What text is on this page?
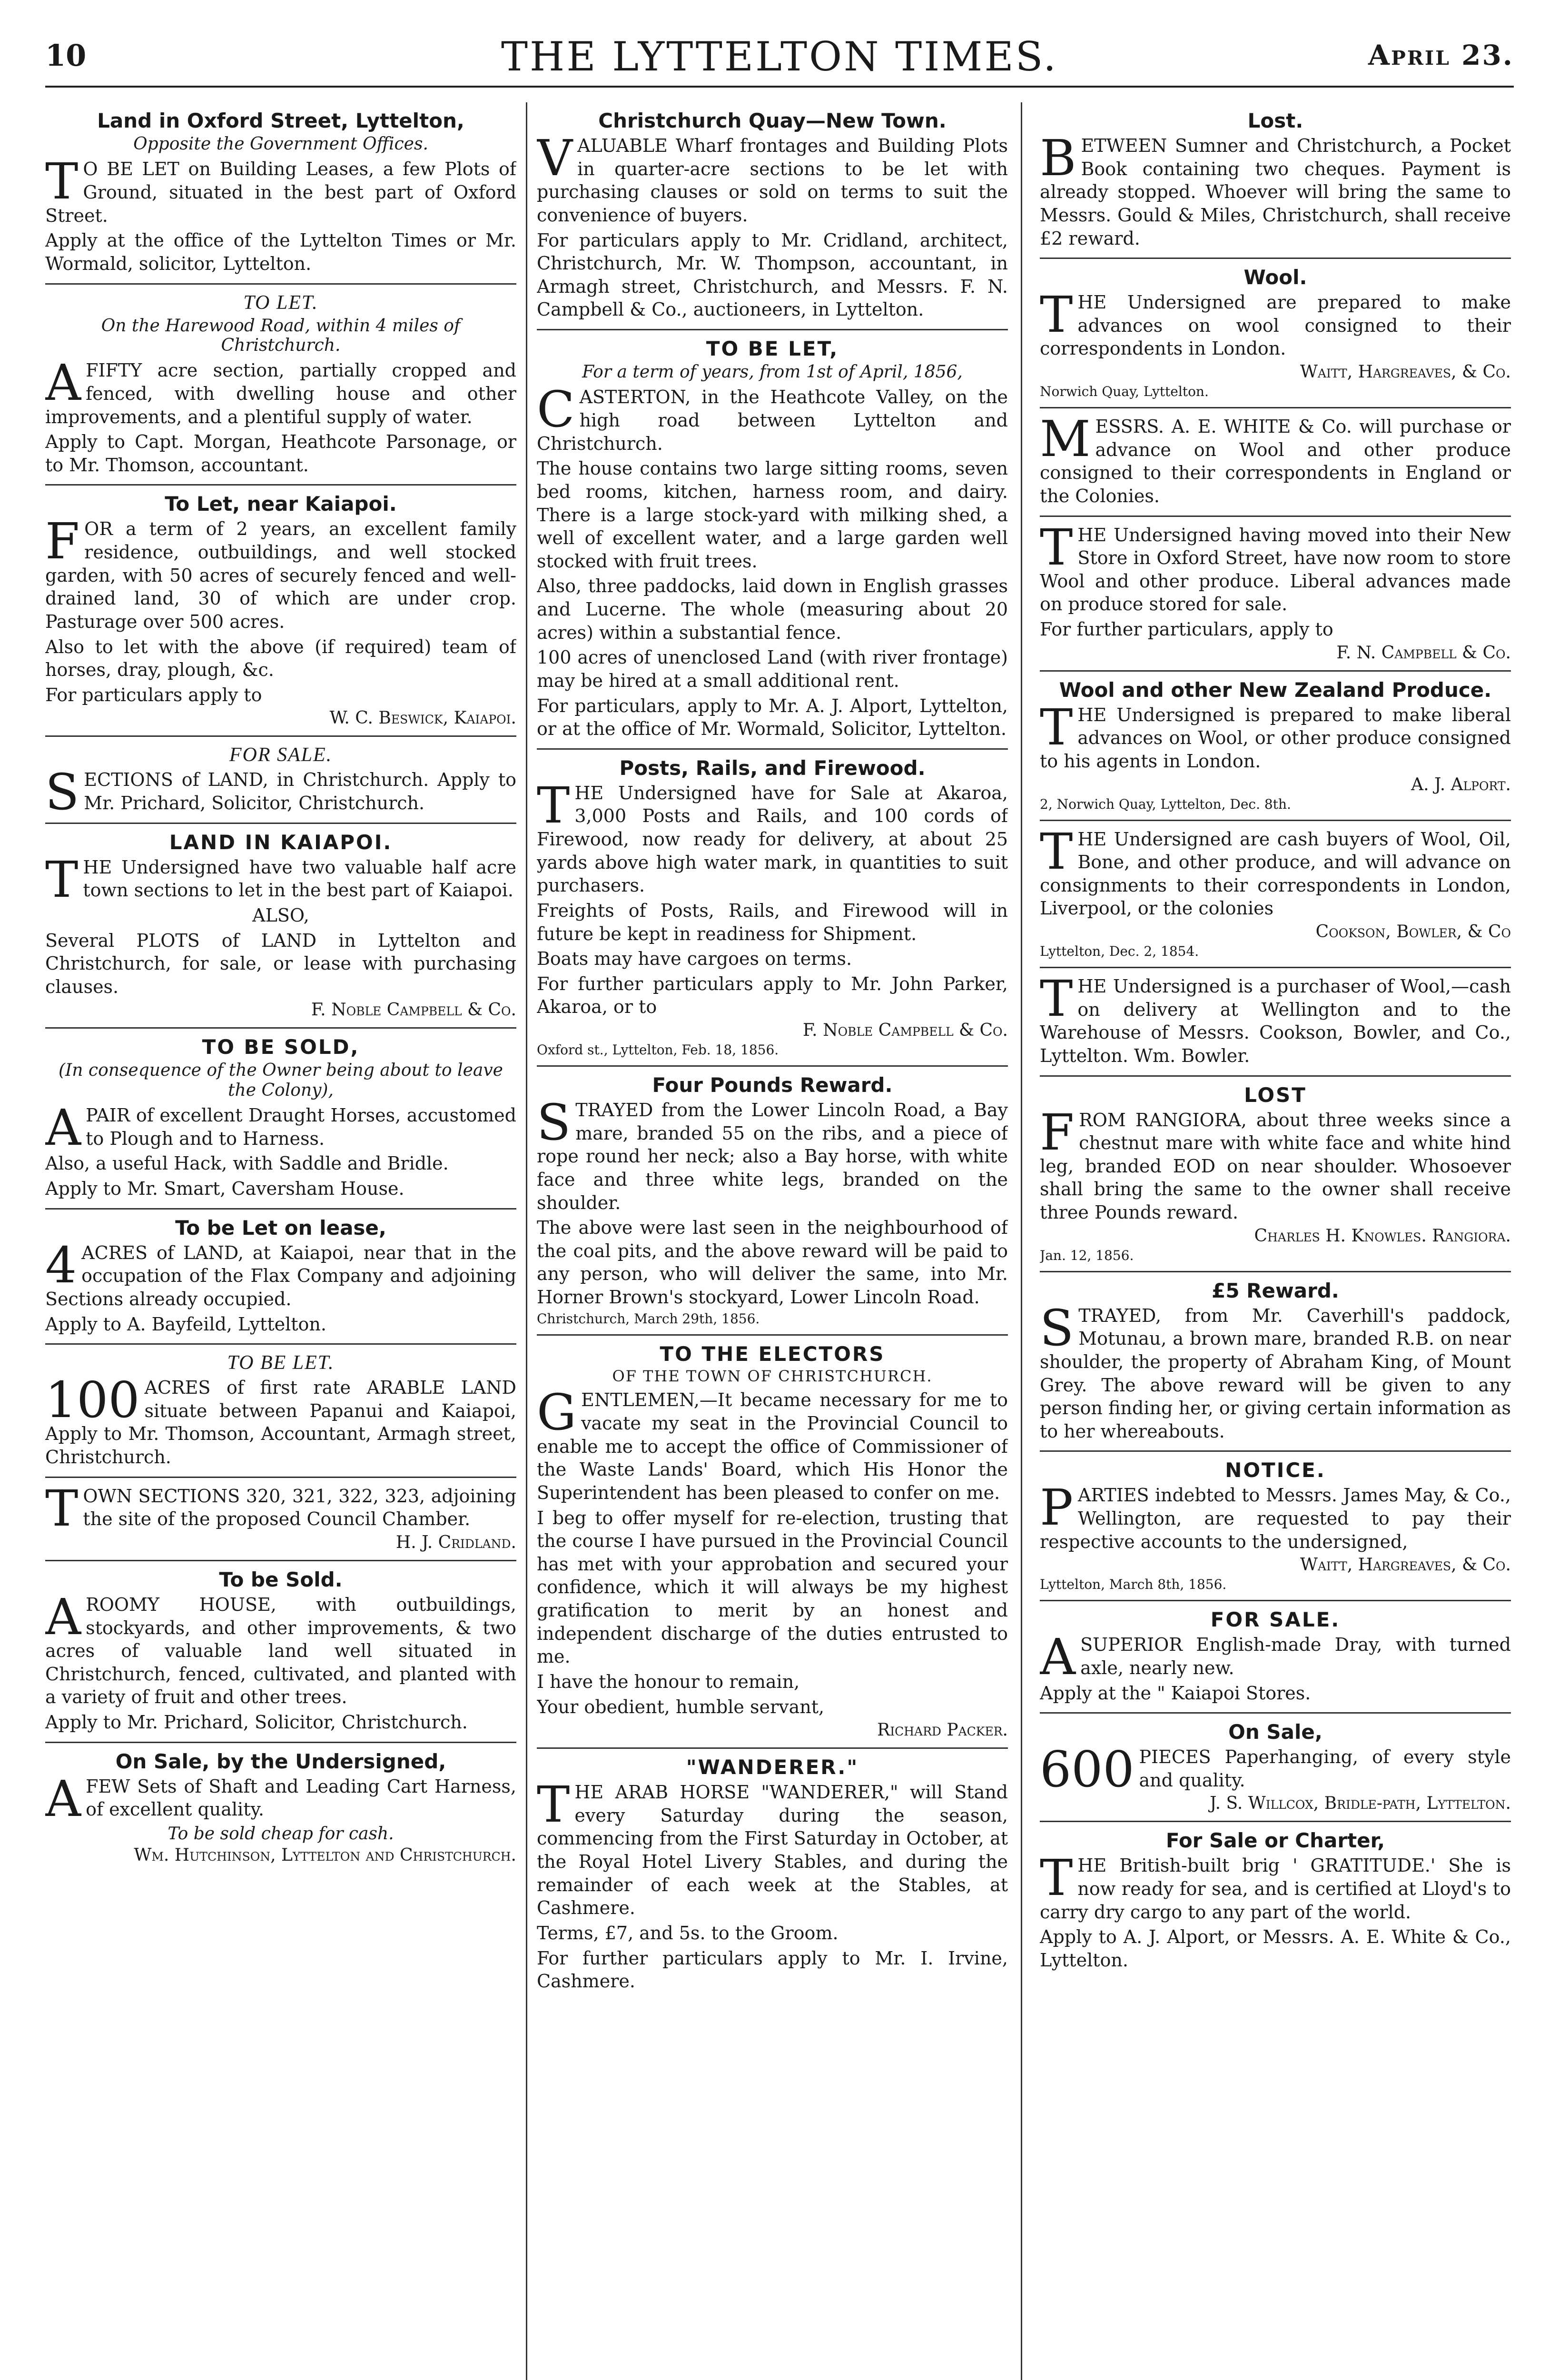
10	THE LYTTELTON TIMES.	April 23.
Land in Oxford Street, Lyttelton,
Opposite the Government Offices.

T O BE LET on Building Leases, a few Plots of Ground, situated in the best part of Oxford Street.

Apply at the office of the Lyttelton Times or Mr. Wormald, solicitor, Lyttelton.

TO LET.
On the Harewood Road, within 4 miles of Christchurch.

A FIFTY acre section, partially cropped and fenced, with dwelling house and other improvements, and a plentiful supply of water.

Apply to Capt. Morgan, Heathcote Parsonage, or to Mr. Thomson, accountant.

To Let, near Kaiapoi.

FOR a term of 2 years, an excellent family residence, outbuildings, and well stocked garden, with 50 acres of securely fenced and well-drained land, 30 of which are under crop. Pasturage over 500 acres.

Also to let with the above (if required) team of horses, dray, plough, &c.

For particulars apply to

W. C. Beswick, Kaiapoi.
FOR SALE.

SECTIONS of LAND, in Christchurch. Apply to Mr. Prichard, Solicitor, Christchurch.

LAND IN KAIAPOI.

THE Undersigned have two valuable half acre town sections to let in the best part of Kaiapoi.

ALSO,

Several PLOTS of LAND in Lyttelton and Christchurch, for sale, or lease with purchasing clauses.

F. Noble Campbell & Co.
TO BE SOLD,
(In consequence of the Owner being about to leave the Colony),

A PAIR of excellent Draught Horses, accustomed to Plough and to Harness.

Also, a useful Hack, with Saddle and Bridle.

Apply to Mr. Smart, Caversham House.

To be Let on lease,

4 ACRES of LAND, at Kaiapoi, near that in the occupation of the Flax Company and adjoining Sections already occupied.

Apply to A. Bayfeild, Lyttelton.

TO BE LET.

100 ACRES of first rate ARABLE LAND situate between Papanui and Kaiapoi, Apply to Mr. Thomson, Accountant, Armagh street, Christchurch.

TOWN SECTIONS 320, 321, 322, 323, adjoining the site of the proposed Council Chamber.

H. J. Cridland.
To be Sold.

A ROOMY HOUSE, with outbuildings, stockyards, and other improvements, & two acres of valuable land well situated in Christchurch, fenced, cultivated, and planted with a variety of fruit and other trees.

Apply to Mr. Prichard, Solicitor, Christchurch.

On Sale, by the Undersigned,

A FEW Sets of Shaft and Leading Cart Harness, of excellent quality.

To be sold cheap for cash.
Wm. Hutchinson, Lyttelton and Christchurch.
Christchurch Quay—New Town.

VALUABLE Wharf frontages and Building Plots in quarter-acre sections to be let with purchasing clauses or sold on terms to suit the convenience of buyers.

For particulars apply to Mr. Cridland, architect, Christchurch, Mr. W. Thompson, accountant, in Armagh street, Christchurch, and Messrs. F. N. Campbell & Co., auctioneers, in Lyttelton.

TO BE LET,
For a term of years, from 1st of April, 1856,

CASTERTON, in the Heathcote Valley, on the high road between Lyttelton and Christchurch.

The house contains two large sitting rooms, seven bed rooms, kitchen, harness room, and dairy. There is a large stock-yard with milking shed, a well of excellent water, and a large garden well stocked with fruit trees.

Also, three paddocks, laid down in English grasses and Lucerne. The whole (measuring about 20 acres) within a substantial fence.

100 acres of unenclosed Land (with river frontage) may be hired at a small additional rent.

For particulars, apply to Mr. A. J. Alport, Lyttelton, or at the office of Mr. Wormald, Solicitor, Lyttelton.

Posts, Rails, and Firewood.

THE Undersigned have for Sale at Akaroa, 3,000 Posts and Rails, and 100 cords of Firewood, now ready for delivery, at about 25 yards above high water mark, in quantities to suit purchasers.

Freights of Posts, Rails, and Firewood will in future be kept in readiness for Shipment.

Boats may have cargoes on terms.

For further particulars apply to Mr. John Parker, Akaroa, or to

F. Noble Campbell & Co.
Oxford st., Lyttelton, Feb. 18, 1856.
Four Pounds Reward.

STRAYED from the Lower Lincoln Road, a Bay mare, branded 55 on the ribs, and a piece of rope round her neck; also a Bay horse, with white face and three white legs, branded on the shoulder.

The above were last seen in the neighbourhood of the coal pits, and the above reward will be paid to any person, who will deliver the same, into Mr. Horner Brown's stockyard, Lower Lincoln Road.

Christchurch, March 29th, 1856.
TO THE ELECTORS
OF THE TOWN OF CHRISTCHURCH.

GENTLEMEN,—It became necessary for me to vacate my seat in the Provincial Council to enable me to accept the office of Commissioner of the Waste Lands' Board, which His Honor the Superintendent has been pleased to confer on me.

I beg to offer myself for re-election, trusting that the course I have pursued in the Provincial Council has met with your approbation and secured your confidence, which it will always be my highest gratification to merit by an honest and independent discharge of the duties entrusted to me.

I have the honour to remain,

Your obedient, humble servant,

Richard Packer.
"WANDERER."

THE ARAB HORSE "WANDERER," will Stand every Saturday during the season, commencing from the First Saturday in October, at the Royal Hotel Livery Stables, and during the remainder of each week at the Stables, at Cashmere.

Terms, £7, and 5s. to the Groom.

For further particulars apply to Mr. I. Irvine, Cashmere.

Lost.

BETWEEN Sumner and Christchurch, a Pocket Book containing two cheques. Payment is already stopped. Whoever will bring the same to Messrs. Gould & Miles, Christchurch, shall receive £2 reward.

Wool.

THE Undersigned are prepared to make advances on wool consigned to their correspondents in London.

Waitt, Hargreaves, & Co.
Norwich Quay, Lyttelton.

MESSRS. A. E. WHITE & Co. will purchase or advance on Wool and other produce consigned to their correspondents in England or the Colonies.

THE Undersigned having moved into their New Store in Oxford Street, have now room to store Wool and other produce. Liberal advances made on produce stored for sale.

For further particulars, apply to

F. N. Campbell & Co.
Wool and other New Zealand Produce.

THE Undersigned is prepared to make liberal advances on Wool, or other produce consigned to his agents in London.

A. J. Alport.
2, Norwich Quay, Lyttelton, Dec. 8th.

THE Undersigned are cash buyers of Wool, Oil, Bone, and other produce, and will advance on consignments to their correspondents in London, Liverpool, or the colonies

Cookson, Bowler, & Co
Lyttelton, Dec. 2, 1854.

THE Undersigned is a purchaser of Wool,—cash on delivery at Wellington and to the Warehouse of Messrs. Cookson, Bowler, and Co., Lyttelton. Wm. Bowler.

LOST

FROM RANGIORA, about three weeks since a chestnut mare with white face and white hind leg, branded EOD on near shoulder. Whosoever shall bring the same to the owner shall receive three Pounds reward.

Charles H. Knowles. Rangiora.
Jan. 12, 1856.
£5 Reward.

STRAYED, from Mr. Caverhill's paddock, Motunau, a brown mare, branded R.B. on near shoulder, the property of Abraham King, of Mount Grey. The above reward will be given to any person finding her, or giving certain information as to her whereabouts.

NOTICE.

PARTIES indebted to Messrs. James May, & Co., Wellington, are requested to pay their respective accounts to the undersigned,

Waitt, Hargreaves, & Co.
Lyttelton, March 8th, 1856.
FOR SALE.

A SUPERIOR English-made Dray, with turned axle, nearly new.

Apply at the " Kaiapoi Stores.

On Sale,

600 PIECES Paperhanging, of every style and quality.

J. S. Willcox, Bridle-path, Lyttelton.
For Sale or Charter,

THE British-built brig ' GRATITUDE.' She is now ready for sea, and is certified at Lloyd's to carry dry cargo to any part of the world.

Apply to A. J. Alport, or Messrs. A. E. White & Co., Lyttelton.
